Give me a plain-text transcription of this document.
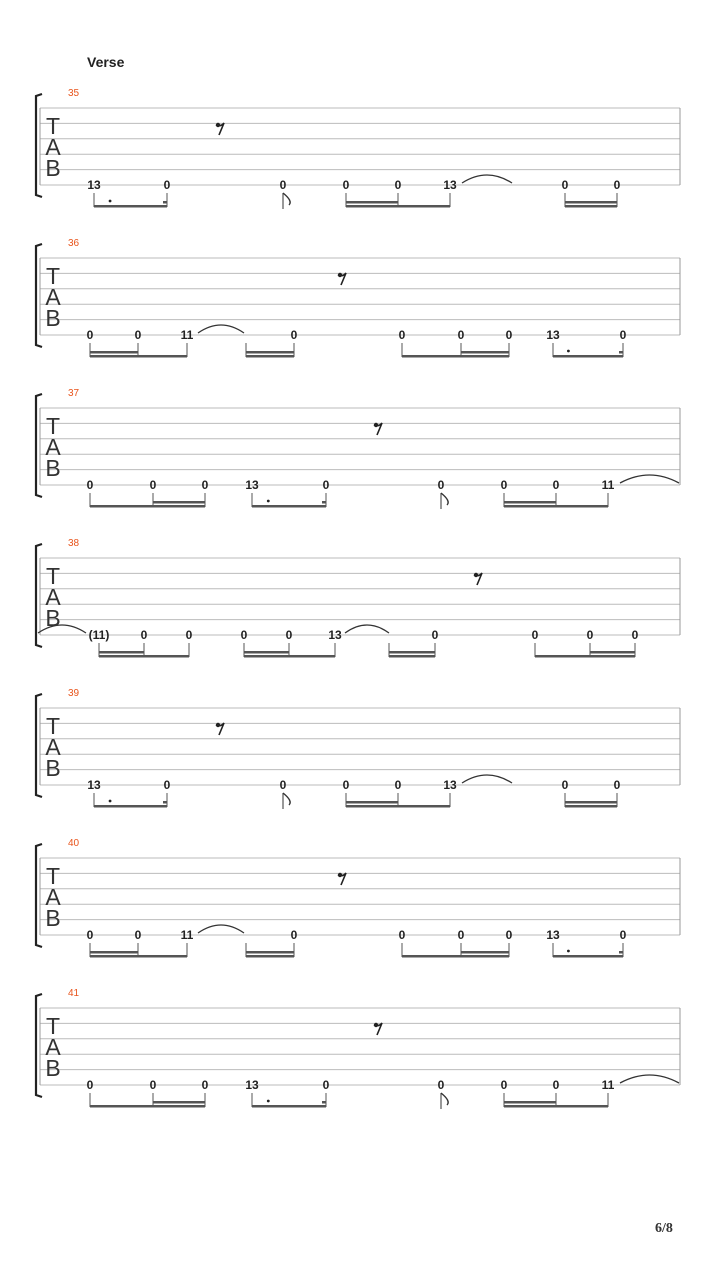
Verse
T
A
B
35
13	0	0	0	0	13	0	0
T
A
B
36
0	0	11	0	0	0	0	13	0
T
A
B
37
0	0	0	13	0	0	0	0	11
T
A
B
38
(11)	0	0	0	0	13	0	0	0	0
T
A
B
39
13	0	0	0	0	13	0	0
T
A
B
40
0	0	11	0	0	0	0	13	0
T
A
B
41
0	0	0	13	0	0	0	0	11
6/8
